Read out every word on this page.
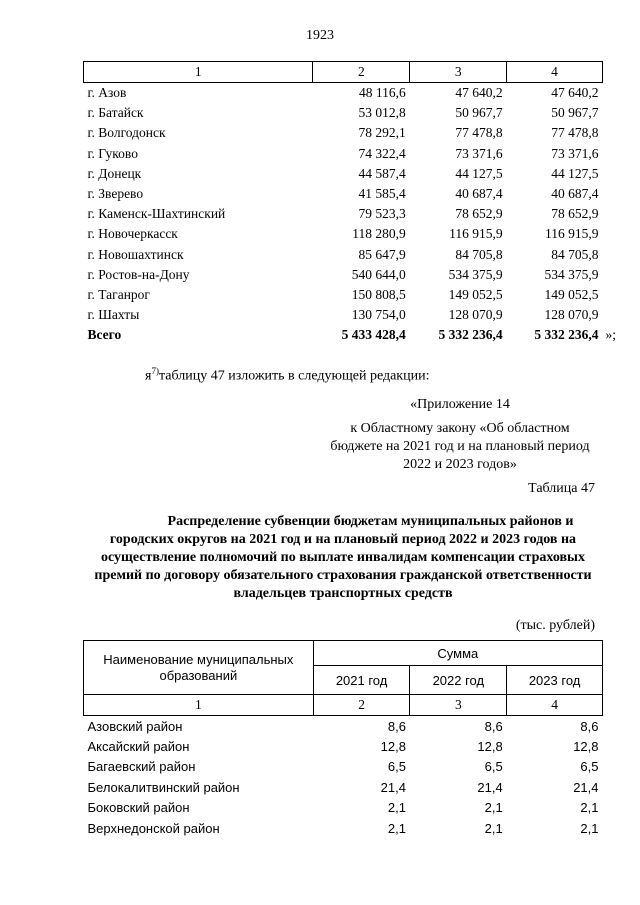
1923
1	2	3	4
г. Азов	48 116,6	47 640,2	47 640,2
г. Батайск	53 012,8	50 967,7	50 967,7
г. Волгодонск	78 292,1	77 478,8	77 478,8
г. Гуково	74 322,4	73 371,6	73 371,6
г. Донецк	44 587,4	44 127,5	44 127,5
г. Зверево	41 585,4	40 687,4	40 687,4
г. Каменск-Шахтинский	79 523,3	78 652,9	78 652,9
г. Новочеркасск	118 280,9	116 915,9	116 915,9
г. Новошахтинск	85 647,9	84 705,8	84 705,8
г. Ростов-на-Дону	540 644,0	534 375,9	534 375,9
г. Таганрог	150 808,5	149 052,5	149 052,5
г. Шахты	130 754,0	128 070,9	128 070,9
Всего	5 433 428,4	5 332 236,4	5 332 236,4 »;
$я^{7)}таблицу$ 47 изложить в следующей редакции:
«Приложение 14
к Областному закону «Об областном бюджете на 2021 год и на плановый период 2022 и 2023 годов»
Таблица 47
Распределение субвенции бюджетам муниципальных районов и городских округов на 2021 год и на плановый период 2022 и 2023 годов на осуществление полномочий по выплате инвалидам компенсации страховых премий по договору обязательного страхования гражданской ответственности владельцев транспортных средств
(тыс. рублей)
Наименование муниципальных образований	Сумма		
	2021 год	2022 год	2023 год
1	2	3	4
Азовский район	8,6	8,6	8,6
Аксайский район	12,8	12,8	12,8
Багаевский район	6,5	6,5	6,5
Белокалитвинский район	21,4	21,4	21,4
Боковский район	2,1	2,1	2,1
Верхнедонской район	2,1	2,1	2,1
